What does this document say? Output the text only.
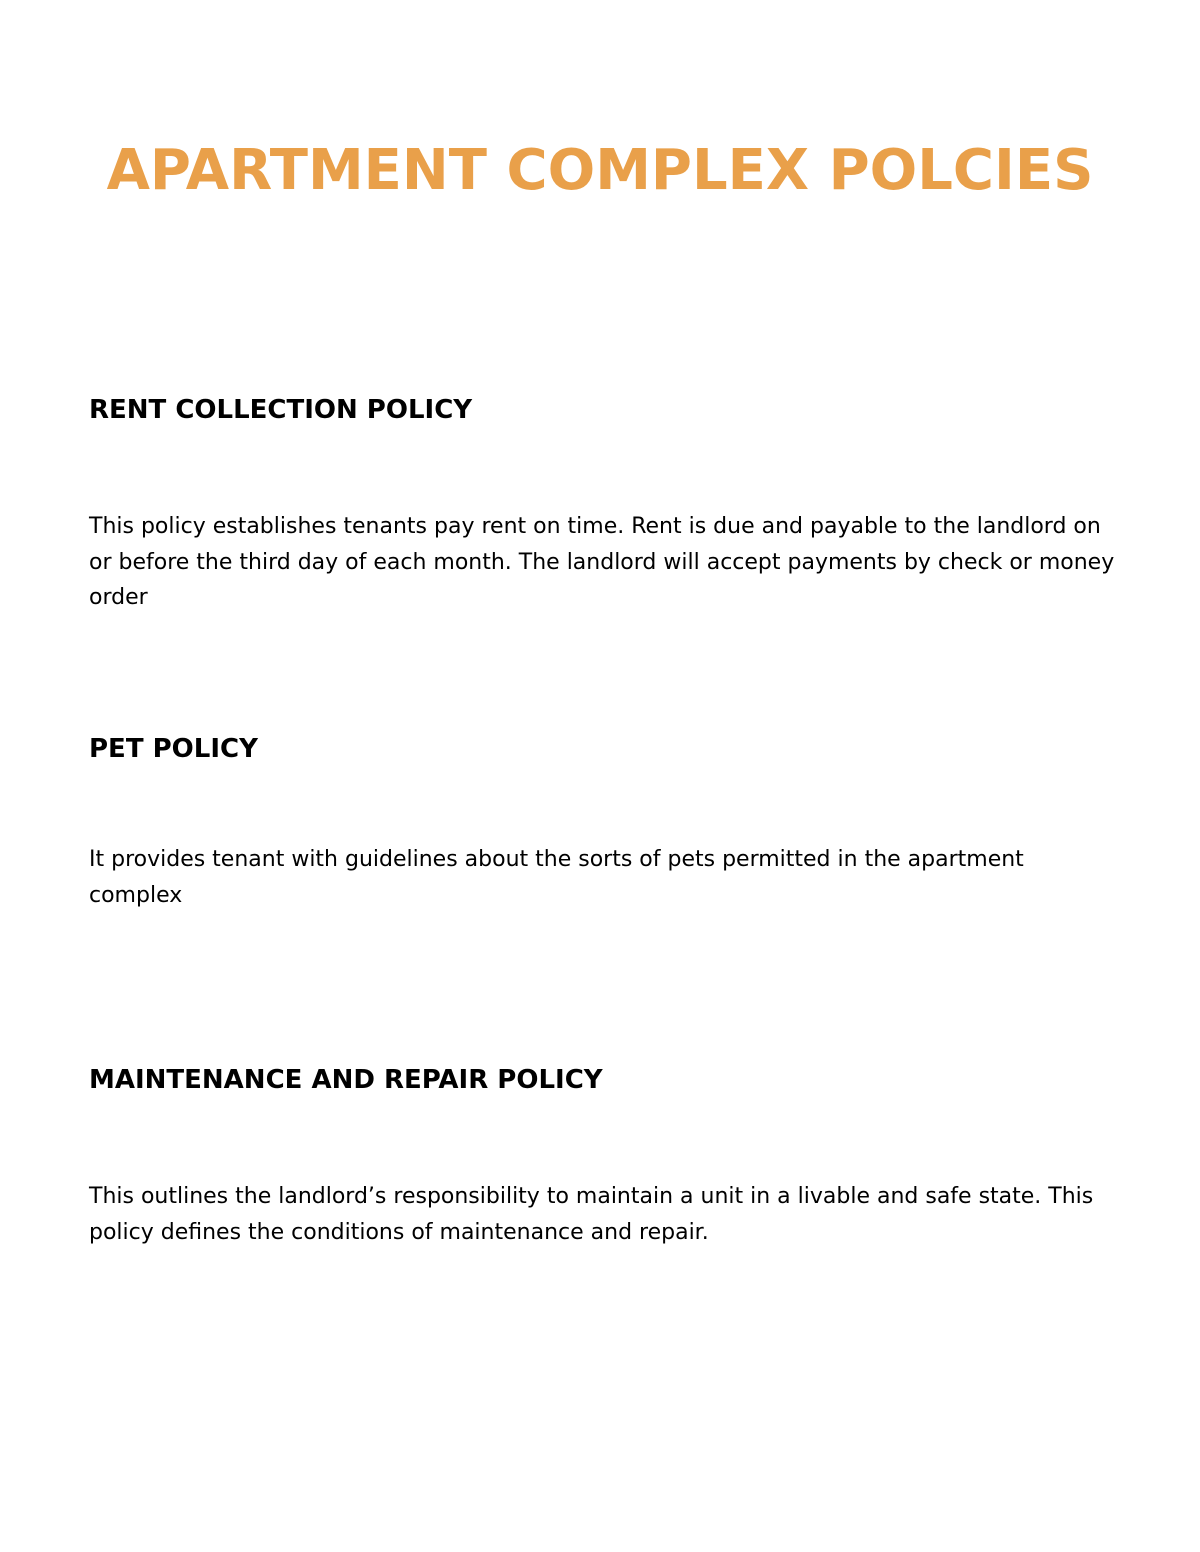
APARTMENT COMPLEX POLCIES
RENT COLLECTION POLICY
This policy establishes tenants pay rent on time. Rent is due and payable to the landlord on or before the third day of each month. The landlord will accept payments by check or money order
PET POLICY
It provides tenant with guidelines about the sorts of pets permitted in the apartment complex
MAINTENANCE AND REPAIR POLICY
This outlines the landlord’s responsibility to maintain a unit in a livable and safe state. This policy defines the conditions of maintenance and repair.
